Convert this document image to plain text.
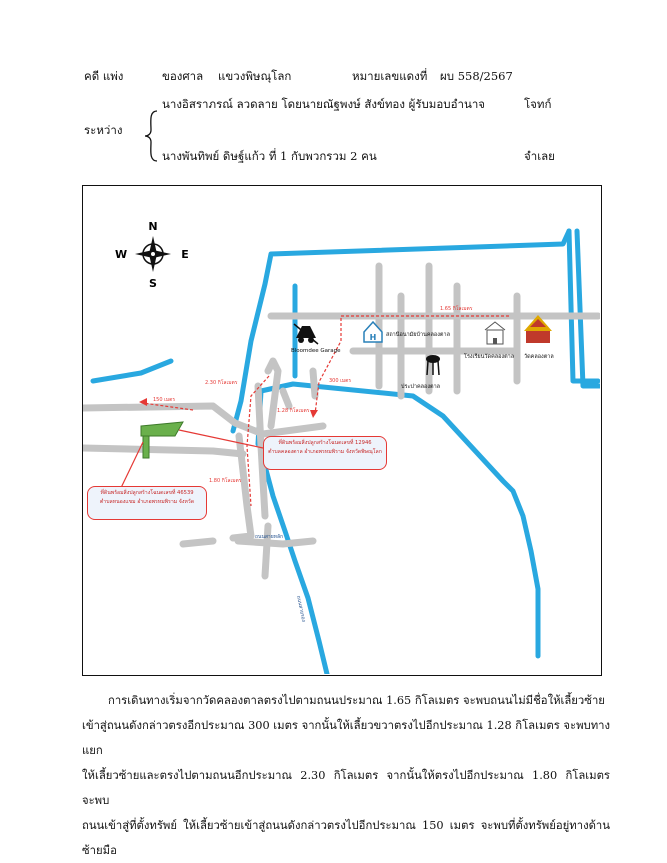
คดี แพ่ง	ของศาล แขวงพิษณุโลก	หมายเลขแดงที่ ผบ 558/2567
นางอิสราภรณ์ ลวดลาย โดยนายณัฐพงษ์ สังข์ทอง ผู้รับมอบอำนาจ	โจทก์
ระหว่าง
นางพันทิพย์ ดิษฐ์แก้ว ที่ 1 กับพวกรวม 2 คน	จำเลย
N
S
E
W
H
Bloomdee Garage
สถานีอนามัยบ้านคลองตาล
โรงเรียนวัดคลองตาล วัดคลองตาล
ประปาคลองตาล
ถนนสายหลัก
ถนนสายรอง
1.65 กิโลเมตร
300 เมตร
1.28 กิโลเมตร
2.30 กิโลเมตร
150 เมตร
1.80 กิโลเมตร
ที่ดินพร้อมสิ่งปลูกสร้างโฉนดเลขที่ 12946
ตำบลคลองตาล อำเภอพรหมพิราม จังหวัดพิษณุโลก
ที่ดินพร้อมสิ่งปลูกสร้างโฉนดเลขที่ 46539
ตำบลหนองแขม อำเภอพรหมพิราม จังหวัด

การเดินทางเริ่มจากวัดคลองตาลตรงไปตามถนนประมาณ 1.65 กิโลเมตร จะพบถนนไม่มีชื่อให้เลี้ยวซ้าย

เข้าสู่ถนนดังกล่าวตรงอีกประมาณ 300 เมตร จากนั้นให้เลี้ยวขวาตรงไปอีกประมาณ 1.28 กิโลเมตร จะพบทางแยก

ให้เลี้ยวซ้ายและตรงไปตามถนนอีกประมาณ 2.30 กิโลเมตร จากนั้นให้ตรงไปอีกประมาณ 1.80 กิโลเมตร จะพบ

ถนนเข้าสู่ที่ตั้งทรัพย์ ให้เลี้ยวซ้ายเข้าสู่ถนนดังกล่าวตรงไปอีกประมาณ 150 เมตร จะพบที่ตั้งทรัพย์อยู่ทางด้านซ้ายมือ
